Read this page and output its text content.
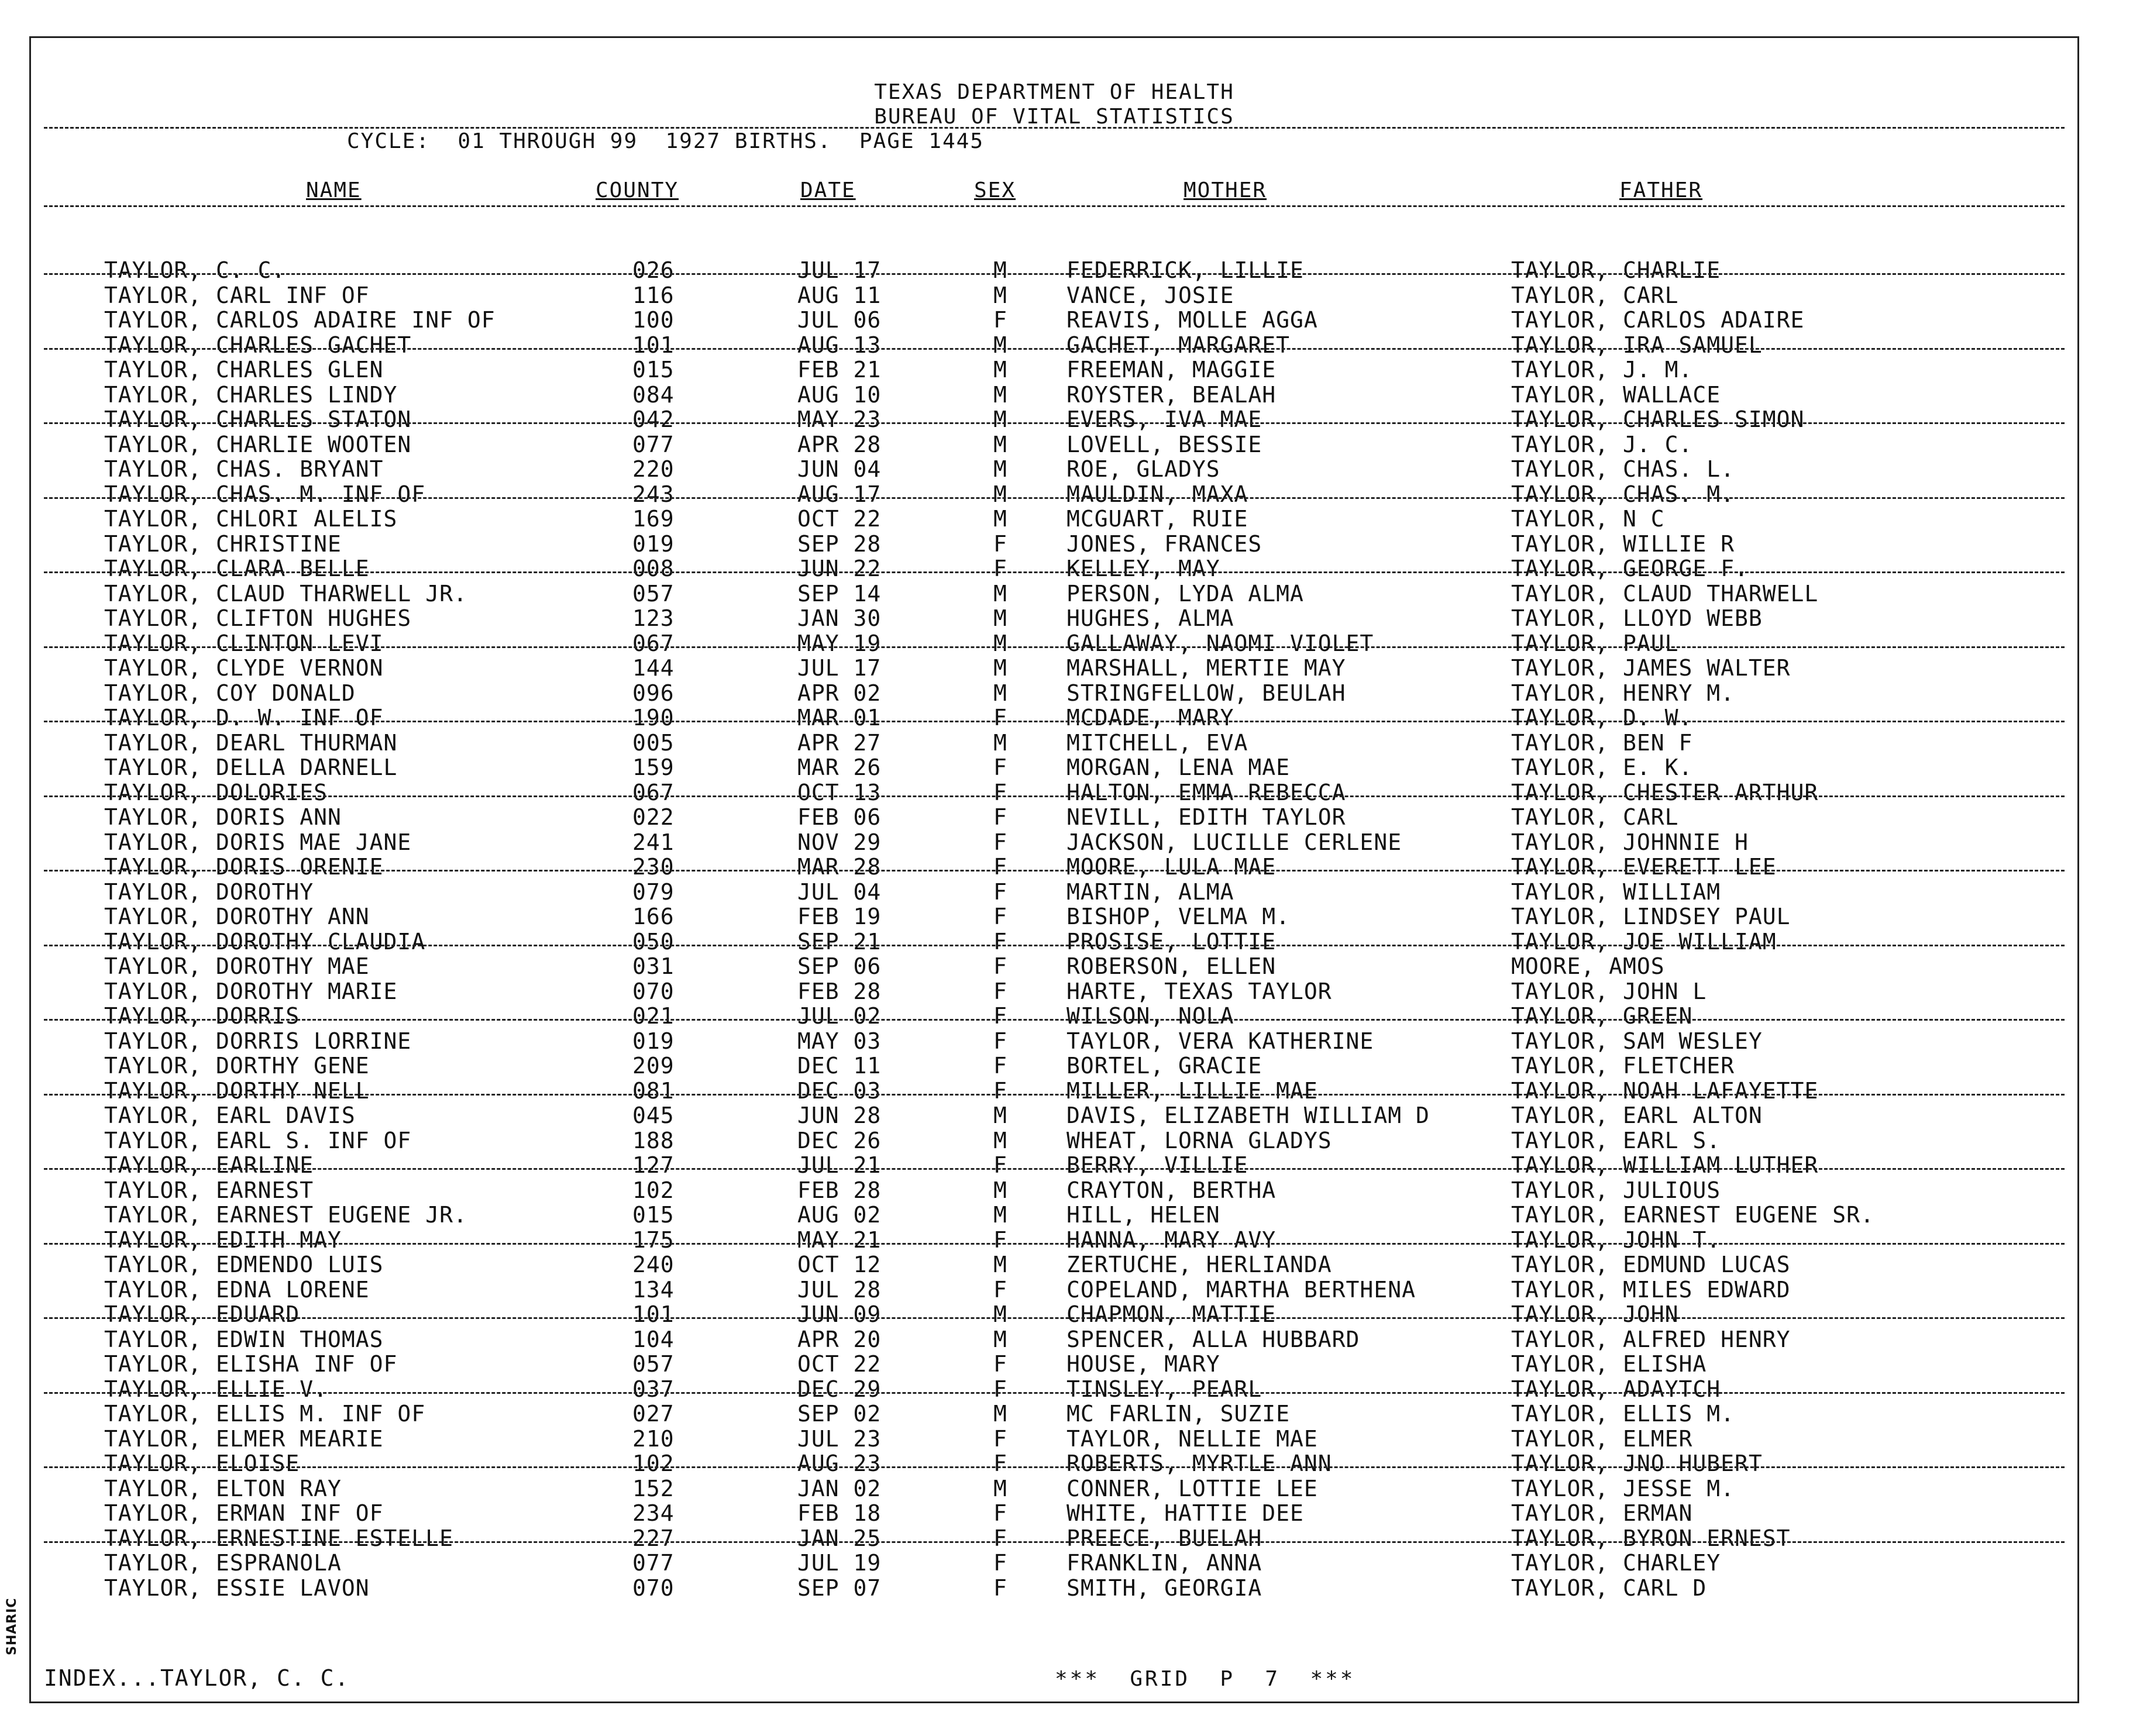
TEXAS DEPARTMENT OF HEALTH
BUREAU OF VITAL STATISTICS
CYCLE:  01 THROUGH 99  1927 BIRTHS.  PAGE 1445
NAME	COUNTY	DATE	SEX	MOTHER	FATHER
TAYLOR, C. C.	026	JUL 17	M	FEDERRICK, LILLIE	TAYLOR, CHARLIE
TAYLOR, CARL INF OF	116	AUG 11	M	VANCE, JOSIE	TAYLOR, CARL
TAYLOR, CARLOS ADAIRE INF OF	100	JUL 06	F	REAVIS, MOLLE AGGA	TAYLOR, CARLOS ADAIRE
TAYLOR, CHARLES GACHET	101	AUG 13	M	GACHET, MARGARET	TAYLOR, IRA SAMUEL
TAYLOR, CHARLES GLEN	015	FEB 21	M	FREEMAN, MAGGIE	TAYLOR, J. M.
TAYLOR, CHARLES LINDY	084	AUG 10	M	ROYSTER, BEALAH	TAYLOR, WALLACE
TAYLOR, CHARLES STATON	042	MAY 23	M	EVERS, IVA MAE	TAYLOR, CHARLES SIMON
TAYLOR, CHARLIE WOOTEN	077	APR 28	M	LOVELL, BESSIE	TAYLOR, J. C.
TAYLOR, CHAS. BRYANT	220	JUN 04	M	ROE, GLADYS	TAYLOR, CHAS. L.
TAYLOR, CHAS. M. INF OF	243	AUG 17	M	MAULDIN, MAXA	TAYLOR, CHAS. M.
TAYLOR, CHLORI ALELIS	169	OCT 22	M	MCGUART, RUIE	TAYLOR, N C
TAYLOR, CHRISTINE	019	SEP 28	F	JONES, FRANCES	TAYLOR, WILLIE R
TAYLOR, CLARA BELLE	008	JUN 22	F	KELLEY, MAY	TAYLOR, GEORGE F.
TAYLOR, CLAUD THARWELL JR.	057	SEP 14	M	PERSON, LYDA ALMA	TAYLOR, CLAUD THARWELL
TAYLOR, CLIFTON HUGHES	123	JAN 30	M	HUGHES, ALMA	TAYLOR, LLOYD WEBB
TAYLOR, CLINTON LEVI	067	MAY 19	M	GALLAWAY, NAOMI VIOLET	TAYLOR, PAUL
TAYLOR, CLYDE VERNON	144	JUL 17	M	MARSHALL, MERTIE MAY	TAYLOR, JAMES WALTER
TAYLOR, COY DONALD	096	APR 02	M	STRINGFELLOW, BEULAH	TAYLOR, HENRY M.
TAYLOR, D. W. INF OF	190	MAR 01	F	MCDADE, MARY	TAYLOR, D. W.
TAYLOR, DEARL THURMAN	005	APR 27	M	MITCHELL, EVA	TAYLOR, BEN F
TAYLOR, DELLA DARNELL	159	MAR 26	F	MORGAN, LENA MAE	TAYLOR, E. K.
TAYLOR, DOLORIES	067	OCT 13	F	HALTON, EMMA REBECCA	TAYLOR, CHESTER ARTHUR
TAYLOR, DORIS ANN	022	FEB 06	F	NEVILL, EDITH TAYLOR	TAYLOR, CARL
TAYLOR, DORIS MAE JANE	241	NOV 29	F	JACKSON, LUCILLE CERLENE	TAYLOR, JOHNNIE H
TAYLOR, DORIS ORENIE	230	MAR 28	F	MOORE, LULA MAE	TAYLOR, EVERETT LEE
TAYLOR, DOROTHY	079	JUL 04	F	MARTIN, ALMA	TAYLOR, WILLIAM
TAYLOR, DOROTHY ANN	166	FEB 19	F	BISHOP, VELMA M.	TAYLOR, LINDSEY PAUL
TAYLOR, DOROTHY CLAUDIA	050	SEP 21	F	PROSISE, LOTTIE	TAYLOR, JOE WILLIAM
TAYLOR, DOROTHY MAE	031	SEP 06	F	ROBERSON, ELLEN	MOORE, AMOS
TAYLOR, DOROTHY MARIE	070	FEB 28	F	HARTE, TEXAS TAYLOR	TAYLOR, JOHN L
TAYLOR, DORRIS	021	JUL 02	F	WILSON, NOLA	TAYLOR, GREEN
TAYLOR, DORRIS LORRINE	019	MAY 03	F	TAYLOR, VERA KATHERINE	TAYLOR, SAM WESLEY
TAYLOR, DORTHY GENE	209	DEC 11	F	BORTEL, GRACIE	TAYLOR, FLETCHER
TAYLOR, DORTHY NELL	081	DEC 03	F	MILLER, LILLIE MAE	TAYLOR, NOAH LAFAYETTE
TAYLOR, EARL DAVIS	045	JUN 28	M	DAVIS, ELIZABETH WILLIAM D	TAYLOR, EARL ALTON
TAYLOR, EARL S. INF OF	188	DEC 26	M	WHEAT, LORNA GLADYS	TAYLOR, EARL S.
TAYLOR, EARLINE	127	JUL 21	F	BERRY, VILLIE	TAYLOR, WILLIAM LUTHER
TAYLOR, EARNEST	102	FEB 28	M	CRAYTON, BERTHA	TAYLOR, JULIOUS
TAYLOR, EARNEST EUGENE JR.	015	AUG 02	M	HILL, HELEN	TAYLOR, EARNEST EUGENE SR.
TAYLOR, EDITH MAY	175	MAY 21	F	HANNA, MARY AVY	TAYLOR, JOHN T.
TAYLOR, EDMENDO LUIS	240	OCT 12	M	ZERTUCHE, HERLIANDA	TAYLOR, EDMUND LUCAS
TAYLOR, EDNA LORENE	134	JUL 28	F	COPELAND, MARTHA BERTHENA	TAYLOR, MILES EDWARD
TAYLOR, EDUARD	101	JUN 09	M	CHAPMON, MATTIE	TAYLOR, JOHN
TAYLOR, EDWIN THOMAS	104	APR 20	M	SPENCER, ALLA HUBBARD	TAYLOR, ALFRED HENRY
TAYLOR, ELISHA INF OF	057	OCT 22	F	HOUSE, MARY	TAYLOR, ELISHA
TAYLOR, ELLIE V.	037	DEC 29	F	TINSLEY, PEARL	TAYLOR, ADAYTCH
TAYLOR, ELLIS M. INF OF	027	SEP 02	M	MC FARLIN, SUZIE	TAYLOR, ELLIS M.
TAYLOR, ELMER MEARIE	210	JUL 23	F	TAYLOR, NELLIE MAE	TAYLOR, ELMER
TAYLOR, ELOISE	102	AUG 23	F	ROBERTS, MYRTLE ANN	TAYLOR, JNO HUBERT
TAYLOR, ELTON RAY	152	JAN 02	M	CONNER, LOTTIE LEE	TAYLOR, JESSE M.
TAYLOR, ERMAN INF OF	234	FEB 18	F	WHITE, HATTIE DEE	TAYLOR, ERMAN
TAYLOR, ERNESTINE ESTELLE	227	JAN 25	F	PREECE, BUELAH	TAYLOR, BYRON ERNEST
TAYLOR, ESPRANOLA	077	JUL 19	F	FRANKLIN, ANNA	TAYLOR, CHARLEY
TAYLOR, ESSIE LAVON	070	SEP 07	F	SMITH, GEORGIA	TAYLOR, CARL D
INDEX...TAYLOR, C. C.	***  GRID  P  7  ***
SHARIC
